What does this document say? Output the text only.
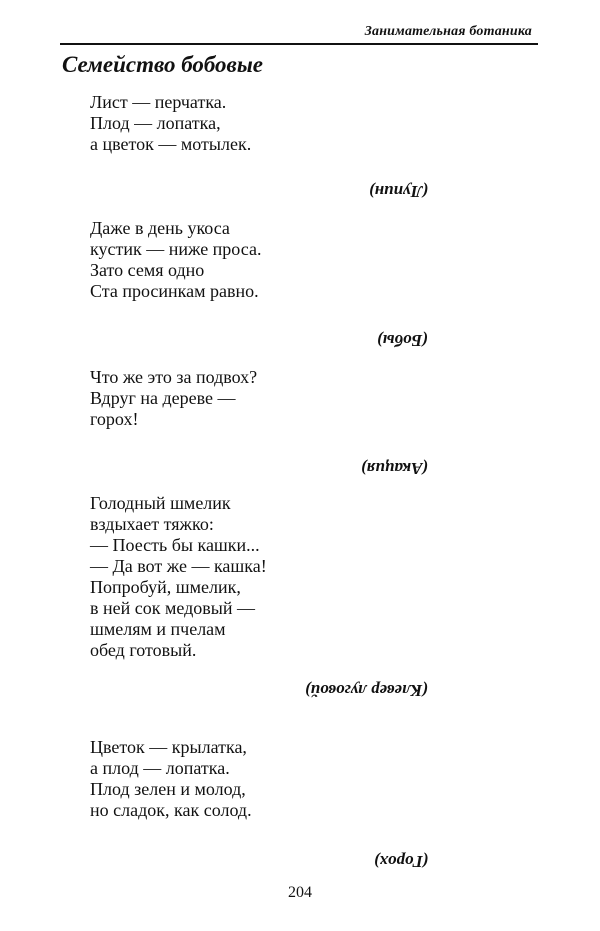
Занимательная ботаника
Семейство бобовые
Лист — перчатка.
Плод — лопатка,
а цветок — мотылек.
(Лупин)
Даже в день укоса
кустик — ниже проса.
Зато семя одно
Ста просинкам равно.
(Бобы)
Что же это за подвох?
Вдруг на дереве —
горох!
(Акация)
Голодный шмелик
вздыхает тяжко:
— Поесть бы кашки...
— Да вот же — кашка!
Попробуй, шмелик,
в ней сок медовый —
шмелям и пчелам
обед готовый.
(Клевер луговой)
Цветок — крылатка,
а плод — лопатка.
Плод зелен и молод,
но сладок, как солод.
(Горох)
204
